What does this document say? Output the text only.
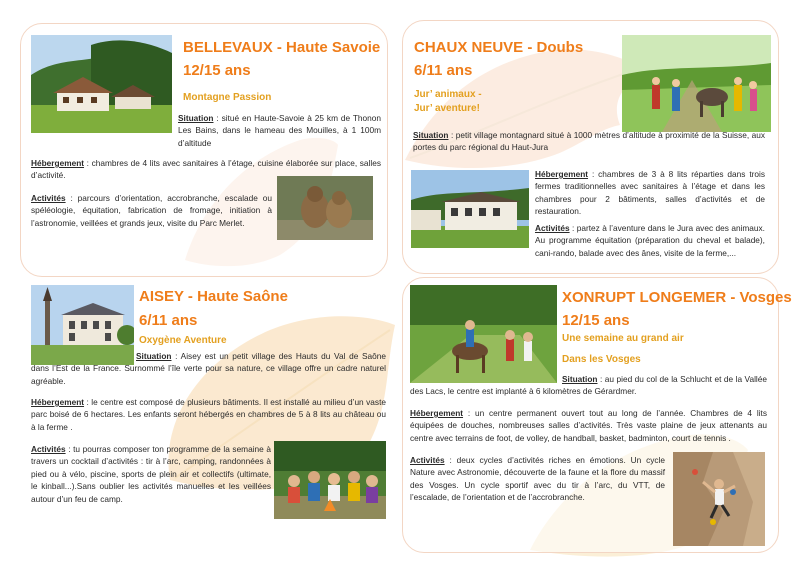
BELLEVAUX - Haute Savoie
12/15 ans
Montagne Passion
Situation : situé en Haute-Savoie à 25 km de Thonon Les Bains, dans le hameau des Mouilles, à 1 100m d’altitude
Hébergement : chambres de 4 lits avec sanitaires à l’étage, cuisine élaborée sur place, salles d’activité.
Activités : parcours d’orientation, accrobranche, escalade ou spéléologie, équitation, fabrication de fromage, initiation à l’astronomie, veillées et grands jeux, visite du Parc Merlet.
CHAUX NEUVE - Doubs
6/11 ans
Jur’ animaux -
Jur’ aventure!
Situation : petit village montagnard situé à 1000 mètres d’altitude à proximité de la Suisse, aux portes du parc régional du Haut-Jura
Hébergement : chambres de 3 à 8 lits réparties dans trois fermes traditionnelles avec sanitaires à l’étage et dans les chambres pour 2 bâtiments, salles d’activités et de restauration.
Activités : partez à l’aventure dans le Jura avec des animaux. Au programme équitation (préparation du cheval et balade), cani-rando, balade avec des ânes, visite de la ferme,...
AISEY - Haute Saône
6/11 ans
Oxygène Aventure
Situation : Aisey est un petit village des Hauts du Val de Saône dans l’Est de la France. Surnommé l’île verte pour sa nature, ce village offre un cadre naturel agréable.
Hébergement : le centre est composé de plusieurs bâtiments. Il est installé au milieu d’un vaste parc boisé de 6 hectares. Les enfants seront hébergés en chambres de 5 à 8 lits au château ou à la ferme .
Activités : tu pourras composer ton programme de la semaine à travers un cocktail d’activités : tir à l’arc, camping, randonnées à pied ou à vélo, piscine, sports de plein air et collectifs (ultimate, le kinball...).Sans oublier les activités manuelles et les veillées autour d’un feu de camp.
XONRUPT LONGEMER - Vosges
12/15 ans
Une semaine au grand air
Dans les Vosges
Situation : au pied du col de la Schlucht et de la Vallée des Lacs, le centre est implanté à 6 kilomètres de Gérardmer.
Hébergement : un centre permanent ouvert tout au long de l’année. Chambres de 4 lits équipées de douches, nombreuses salles d’activités. Très vaste plaine de jeux attenants au centre avec terrains de foot, de volley, de handball, basket, badminton, court de tennis .
Activités : deux cycles d’activités riches en émotions. Un cycle Nature avec Astronomie, découverte de la faune et la flore du massif des Vosges. Un cycle sportif avec du tir à l’arc, du VTT, de l’escalade, de l’orientation et de l’accrobranche.
